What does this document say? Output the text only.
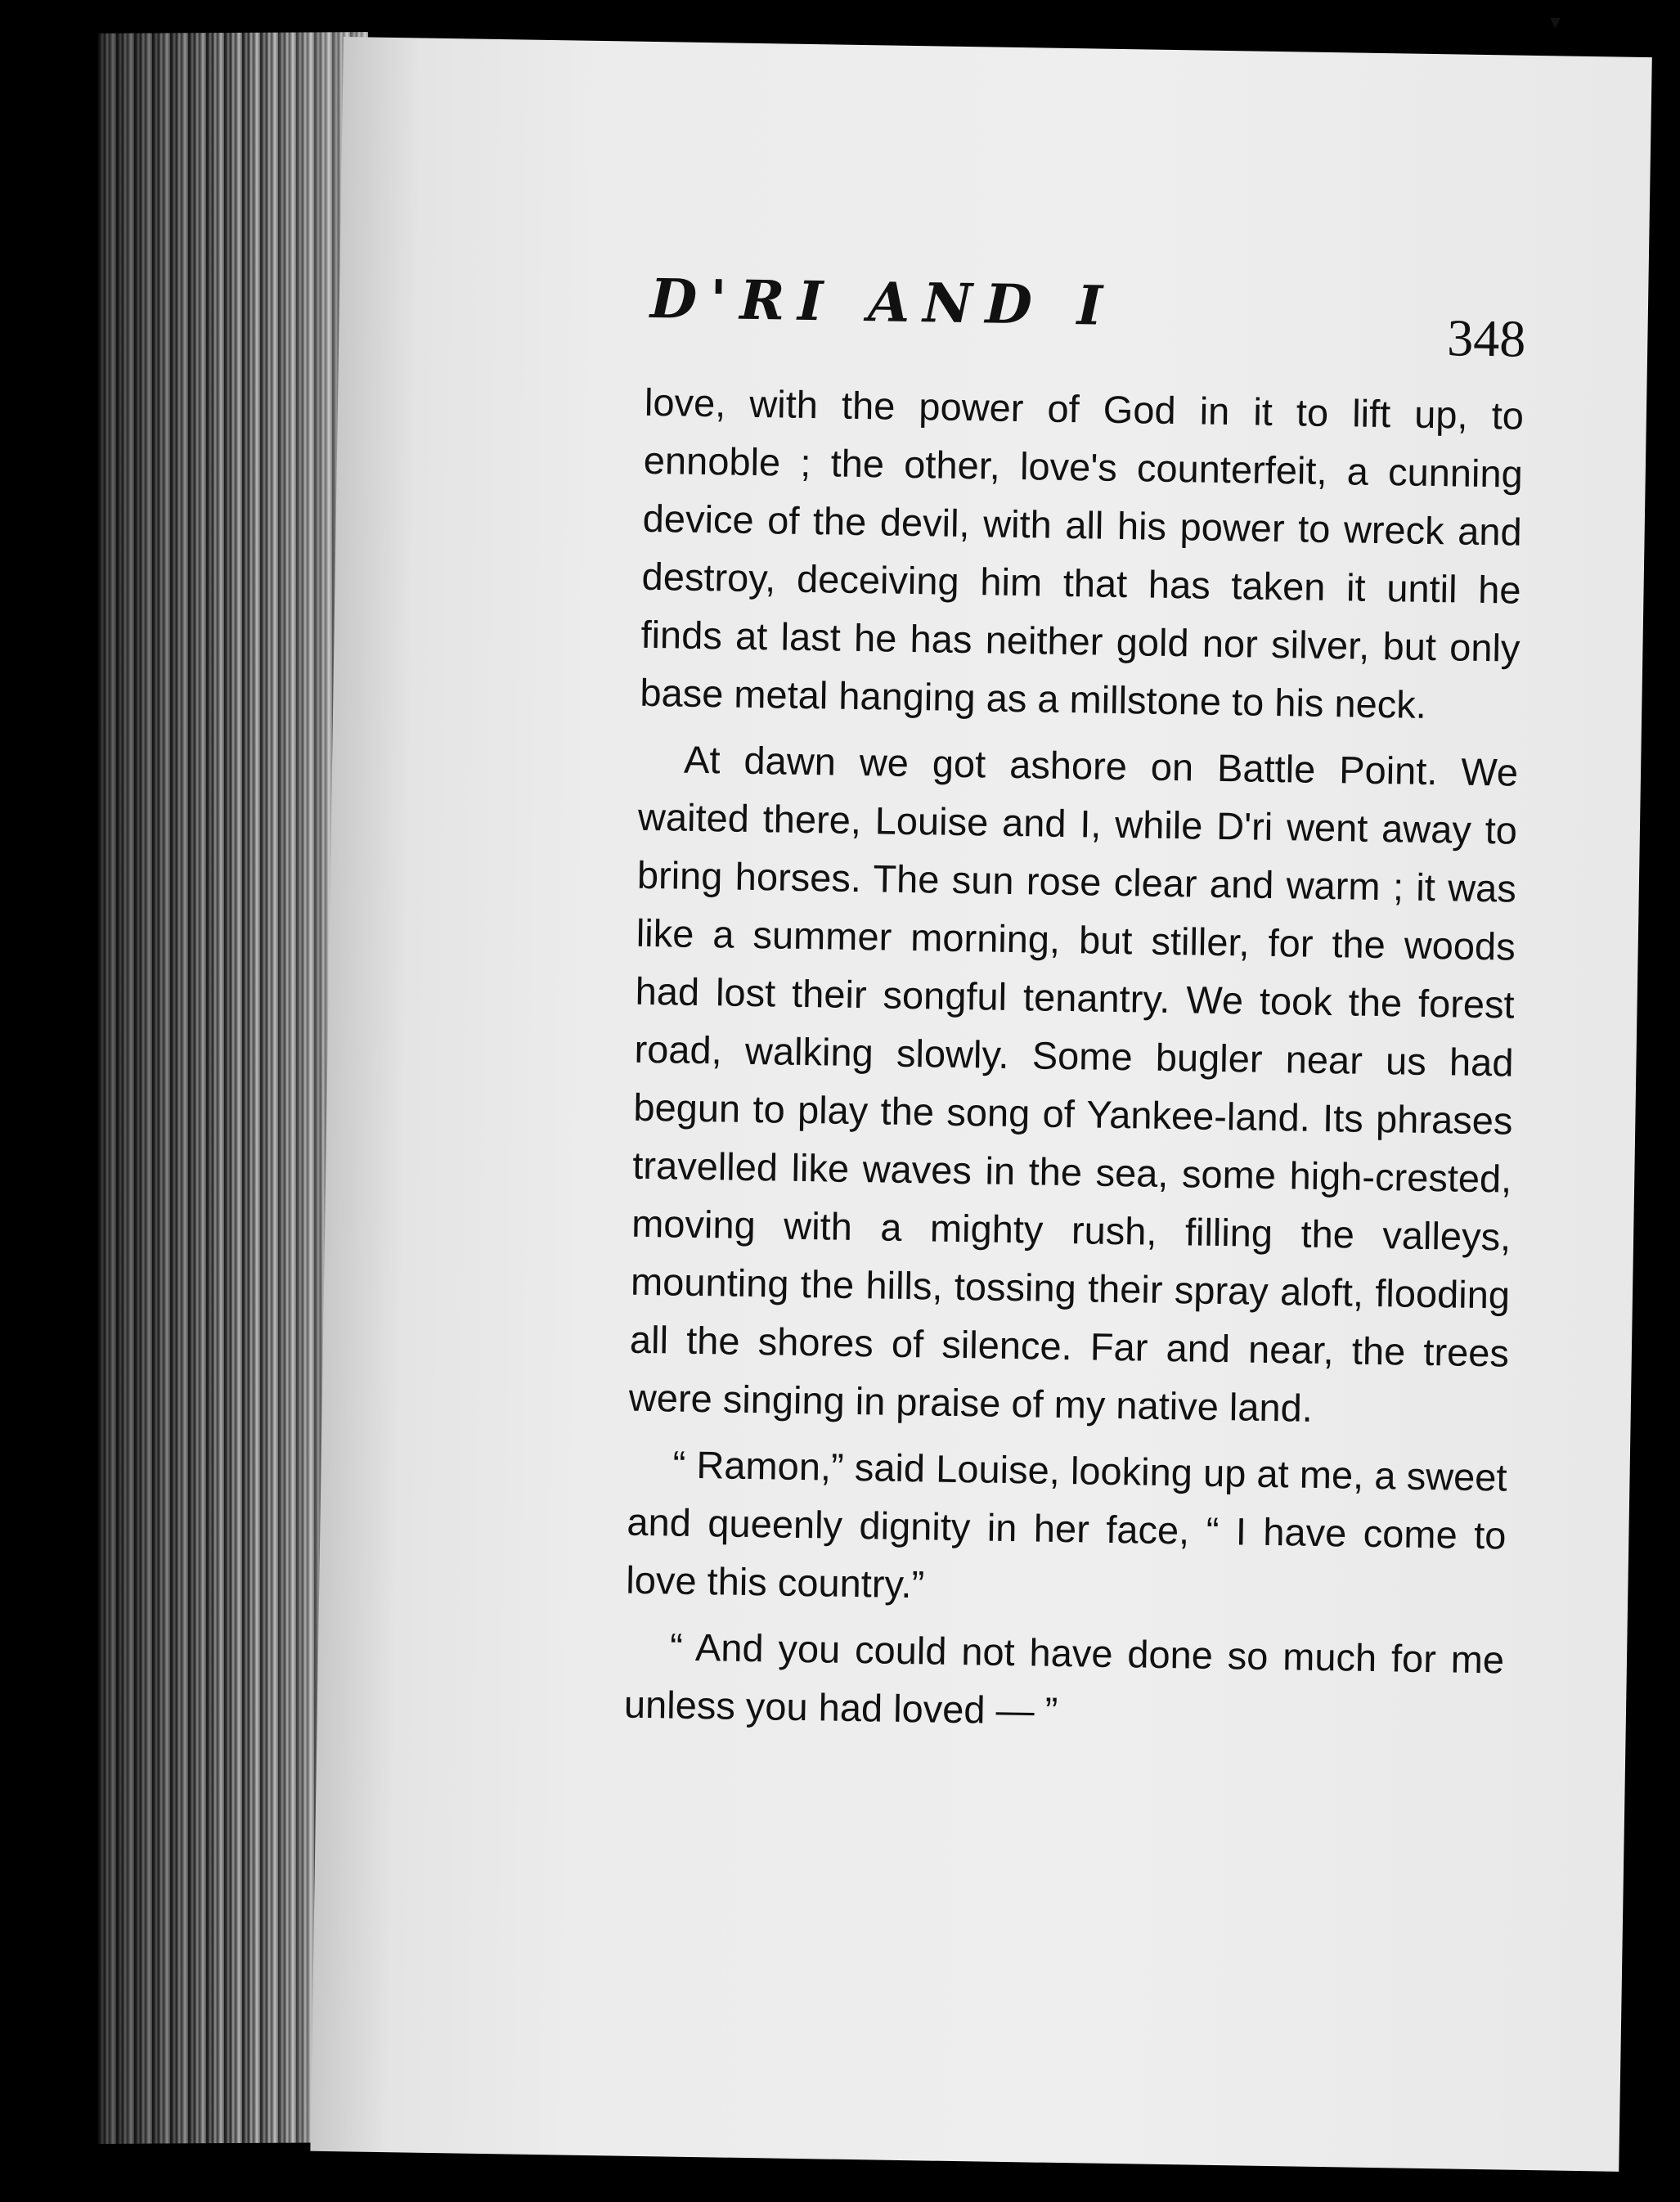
▾
D'RI AND I
348

love, with the power of God in it to lift up, to ennoble ; the other, love's counterfeit, a cunning device of the devil, with all his power to wreck and destroy, deceiving him that has taken it until he finds at last he has neither gold nor silver, but only base metal hanging as a millstone to his neck.

At dawn we got ashore on Battle Point. We waited there, Louise and I, while D'ri went away to bring horses. The sun rose clear and warm ; it was like a summer morning, but stiller, for the woods had lost their songful tenantry. We took the forest road, walking slowly. Some bugler near us had begun to play the song of Yankee-land. Its phrases travelled like waves in the sea, some high-crested, moving with a mighty rush, filling the valleys, mounting the hills, tossing their spray aloft, flooding all the shores of silence. Far and near, the trees were singing in praise of my native land.

“ Ramon,” said Louise, looking up at me, a sweet and queenly dignity in her face, “ I have come to love this country.”

“ And you could not have done so much for me unless you had loved — ”
